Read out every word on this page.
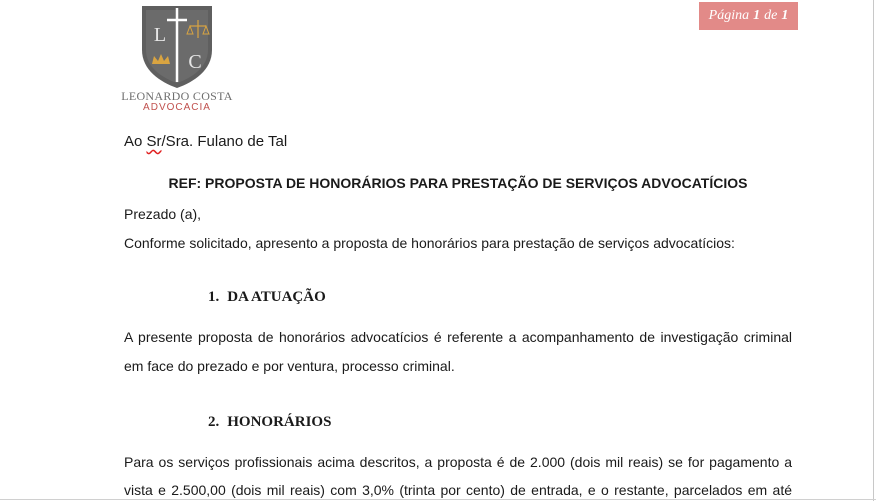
L
C
LEONARDO COSTA
ADVOCACIA
Página 1 de 1
Ao Sr/Sra. Fulano de Tal
REF: PROPOSTA DE HONORÁRIOS PARA PRESTAÇÃO DE SERVIÇOS ADVOCATÍCIOS
Prezado (a),
Conforme solicitado, apresento a proposta de honorários para prestação de serviços advocatícios:
1. DA ATUAÇÃO
A presente proposta de honorários advocatícios é referente a acompanhamento de investigação criminal
em face do prezado e por ventura, processo criminal.
2. HONORÁRIOS
Para os serviços profissionais acima descritos, a proposta é de 2.000 (dois mil reais) se for pagamento a
vista e 2.500,00 (dois mil reais) com 3,0% (trinta por cento) de entrada, e o restante, parcelados em até
